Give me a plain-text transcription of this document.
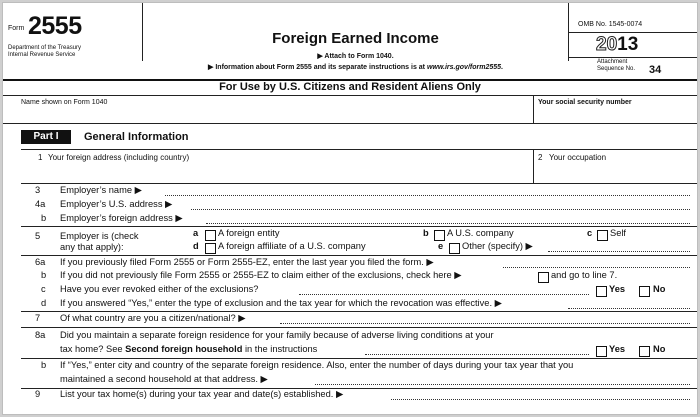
Form 2555
Department of the Treasury
Internal Revenue Service
Foreign Earned Income
▶ Attach to Form 1040.
▶ Information about Form 2555 and its separate instructions is at www.irs.gov/form2555.
OMB No. 1545-0074
2013
Attachment
Sequence No. 34
For Use by U.S. Citizens and Resident Aliens Only
Name shown on Form 1040	Your social security number
Part I	General Information
1 Your foreign address (including country)	2 Your occupation
3 Employer’s name ▶
4a Employer’s U.S. address ▶
b Employer’s foreign address ▶
5 Employer is (check
any that apply):
a A foreign entity	b A U.S. company	c Self
d A foreign affiliate of a U.S. company	e Other (specify) ▶
6a If you previously filed Form 2555 or Form 2555-EZ, enter the last year you filed the form. ▶
b If you did not previously file Form 2555 or 2555-EZ to claim either of the exclusions, check here ▶	and go to line 7.
c Have you ever revoked either of the exclusions?	Yes	No
d If you answered “Yes,” enter the type of exclusion and the tax year for which the revocation was effective. ▶
7 Of what country are you a citizen/national? ▶
8a Did you maintain a separate foreign residence for your family because of adverse living conditions at your
tax home? See Second foreign household in the instructions	Yes	No
b If “Yes,” enter city and country of the separate foreign residence. Also, enter the number of days during your tax year that you
maintained a second household at that address. ▶
9 List your tax home(s) during your tax year and date(s) established. ▶
